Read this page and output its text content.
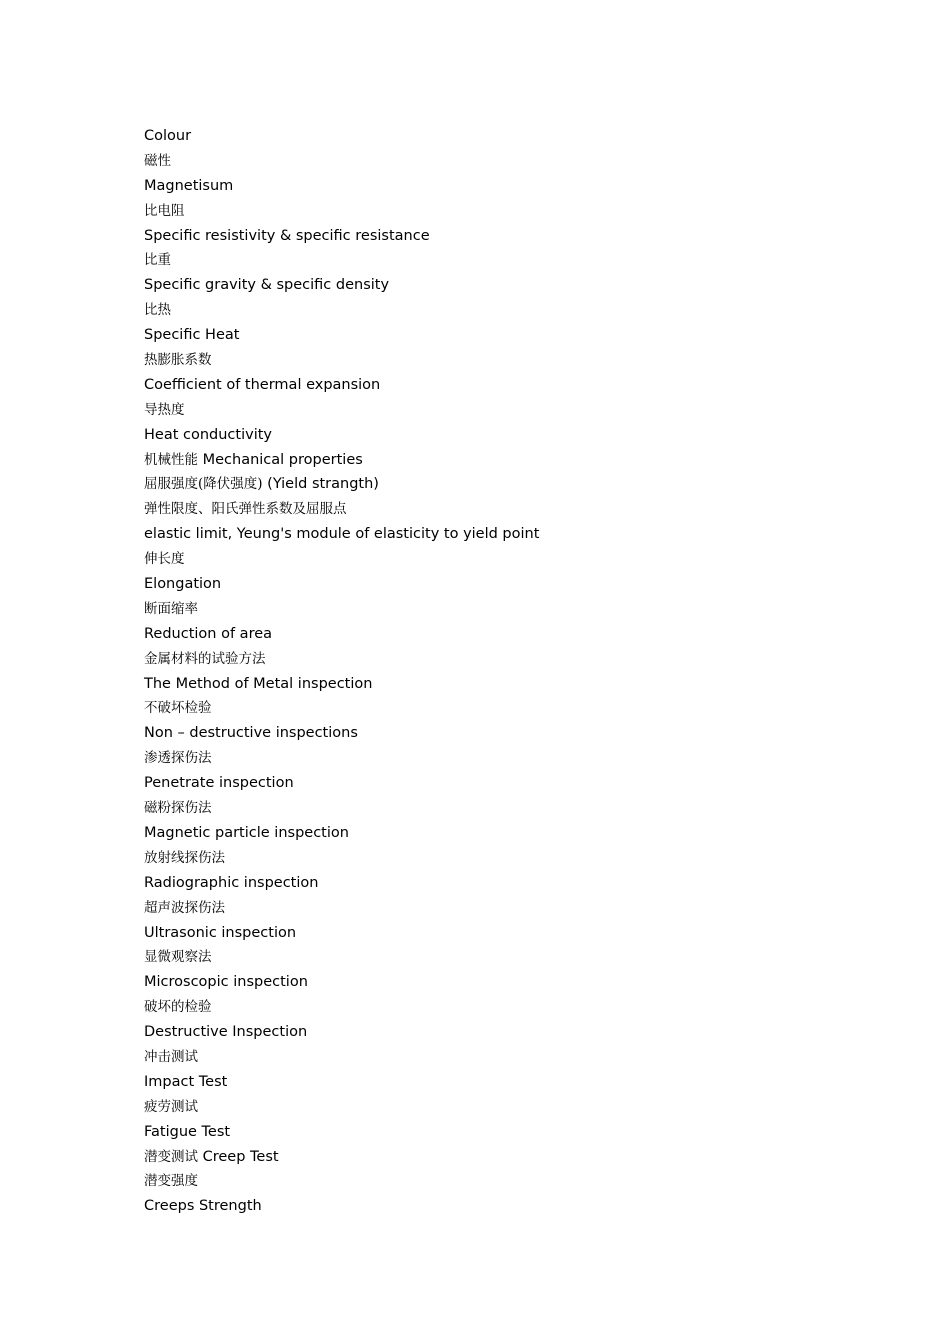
Colour
磁性
Magnetisum
比电阻
Specific resistivity & specific resistance
比重
Specific gravity & specific density
比热
Specific Heat
热膨胀系数
Coefficient of thermal expansion
导热度
Heat conductivity
机械性能 Mechanical properties
屈服强度(降伏强度) (Yield strangth)
弹性限度、阳氏弹性系数及屈服点
elastic limit, Yeung's module of elasticity to yield point
伸长度
Elongation
断面缩率
Reduction of area
金属材料的试验方法
The Method of Metal inspection
不破坏检验
Non – destructive inspections
渗透探伤法
Penetrate inspection
磁粉探伤法
Magnetic particle inspection
放射线探伤法
Radiographic inspection
超声波探伤法
Ultrasonic inspection
显微观察法
Microscopic inspection
破坏的检验
Destructive Inspection
冲击测试
Impact Test
疲劳测试
Fatigue Test
潜变测试 Creep Test
潜变强度
Creeps Strength
